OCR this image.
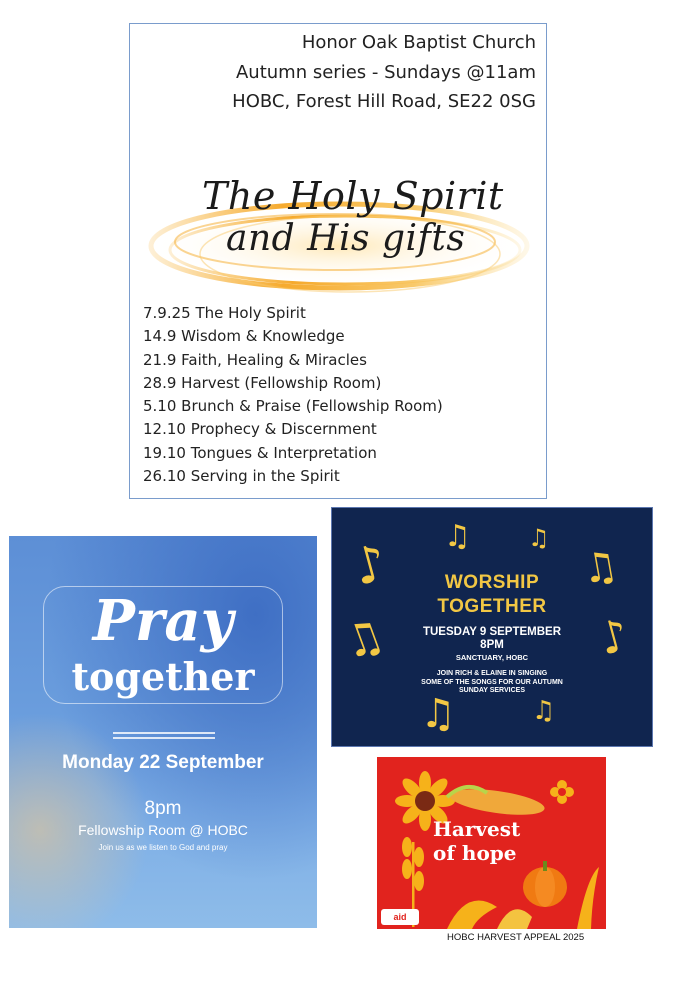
Honor Oak Baptist Church
Autumn series - Sundays @11am
HOBC, Forest Hill Road, SE22 0SG
The Holy Spirit
and His gifts
7.9.25 The Holy Spirit
14.9 Wisdom & Knowledge
21.9 Faith, Healing & Miracles
28.9 Harvest (Fellowship Room)
5.10 Brunch & Praise (Fellowship Room)
12.10 Prophecy & Discernment
19.10 Tongues & Interpretation
26.10 Serving in the Spirit
Pray
together
Monday 22 September
8pm
Fellowship Room @ HOBC
Join us as we listen to God and pray
♫ ♫
♪	♫
♫	♪
♫	♫
WORSHIP
TOGETHER
TUESDAY 9 SEPTEMBER
8PM
SANCTUARY, HOBC
JOIN RICH & ELAINE IN SINGING
SOME OF THE SONGS FOR OUR AUTUMN
SUNDAY SERVICES
Harvest
of hope
aid
HOBC HARVEST APPEAL 2025
